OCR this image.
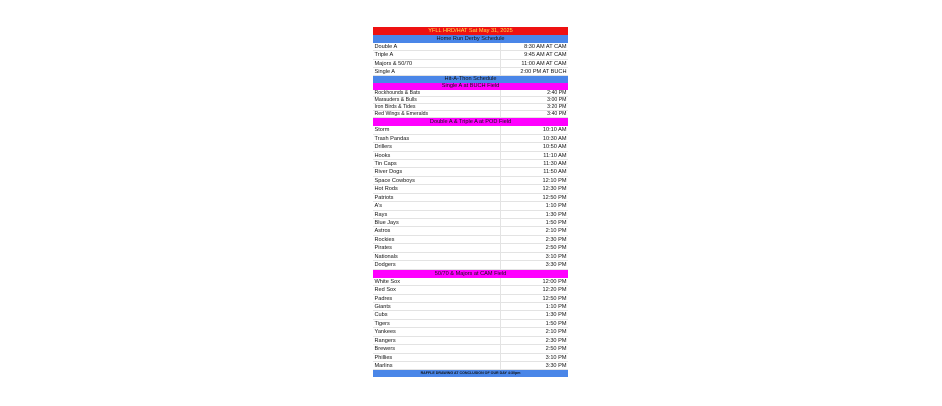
YFLL HRD/HAT Sat May 31, 2025
Home Run Derby Schedule
Double A	8:30 AM AT CAM
Triple A	9:45 AM AT CAM
Majors & 50/70	11:00 AM AT CAM
Single A	2:00 PM AT BUCH
Hit-A-Thon Schedule
Single A at BUCH Field
Rockhounds & Bats	2:40 PM
Marauders & Bulls	3:00 PM
Iron Birds & Tides	3:20 PM
Red Wings & Emeralds	3:40 PM
Double A & Triple A at POD Field
Storm	10:10 AM
Trash Pandas	10:30 AM
Drillers	10:50 AM
Hooks	11:10 AM
Tin Caps	11:30 AM
River Dogs	11:50 AM
Space Cowboys	12:10 PM
Hot Rods	12:30 PM
Patriots	12:50 PM
A's	1:10 PM
Rays	1:30 PM
Blue Jays	1:50 PM
Astros	2:10 PM
Rockies	2:30 PM
Pirates	2:50 PM
Nationals	3:10 PM
Dodgers	3:30 PM
50/70 & Majors at CAM Field
White Sox	12:00 PM
Red Sox	12:20 PM
Padres	12:50 PM
Giants	1:10 PM
Cubs	1:30 PM
Tigers	1:50 PM
Yankees	2:10 PM
Rangers	2:30 PM
Brewers	2:50 PM
Phillies	3:10 PM
Marlins	3:30 PM
RAFFLE DRAWING AT CONCLUSION OF OUR DAY 4:30pm
